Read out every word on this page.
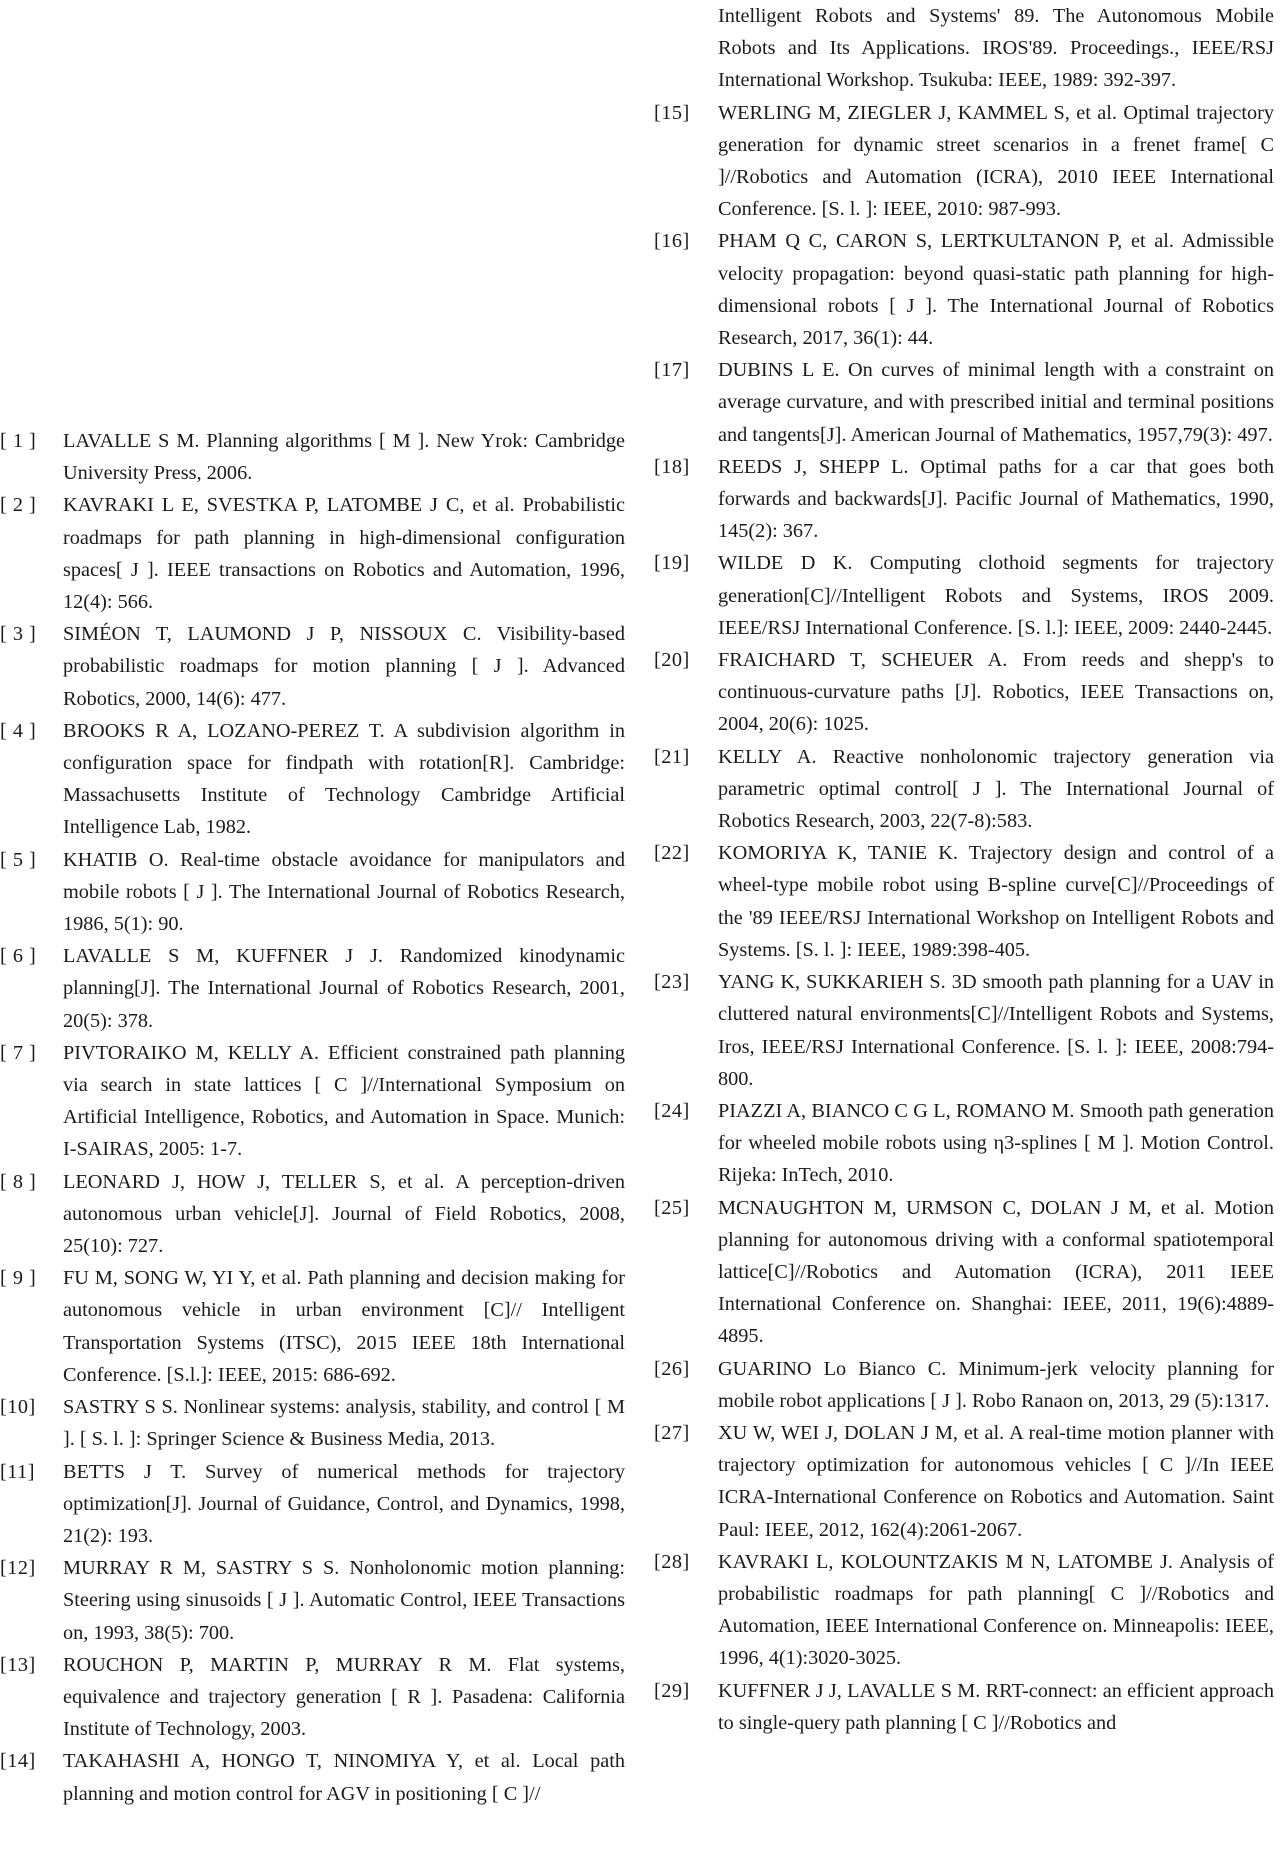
[ 1 ] LAVALLE S M. Planning algorithms [ M ]. New Yrok: Cambridge University Press, 2006.
[ 2 ] KAVRAKI L E, SVESTKA P, LATOMBE J C, et al. Probabilistic roadmaps for path planning in high-dimensional configuration spaces[ J ]. IEEE transactions on Robotics and Automation, 1996, 12(4): 566.
[ 3 ] SIMÉON T, LAUMOND J P, NISSOUX C. Visibility-based probabilistic roadmaps for motion planning [ J ]. Advanced Robotics, 2000, 14(6): 477.
[ 4 ] BROOKS R A, LOZANO-PEREZ T. A subdivision algorithm in configuration space for findpath with rotation[R]. Cambridge: Massachusetts Institute of Technology Cambridge Artificial Intelligence Lab, 1982.
[ 5 ] KHATIB O. Real-time obstacle avoidance for manipulators and mobile robots [ J ]. The International Journal of Robotics Research, 1986, 5(1): 90.
[ 6 ] LAVALLE S M, KUFFNER J J. Randomized kinodynamic planning[J]. The International Journal of Robotics Research, 2001, 20(5): 378.
[ 7 ] PIVTORAIKO M, KELLY A. Efficient constrained path planning via search in state lattices [ C ]//International Symposium on Artificial Intelligence, Robotics, and Automation in Space. Munich: I-SAIRAS, 2005: 1-7.
[ 8 ] LEONARD J, HOW J, TELLER S, et al. A perception-driven autonomous urban vehicle[J]. Journal of Field Robotics, 2008, 25(10): 727.
[ 9 ] FU M, SONG W, YI Y, et al. Path planning and decision making for autonomous vehicle in urban environment [C]// Intelligent Transportation Systems (ITSC), 2015 IEEE 18th International Conference. [S.l.]: IEEE, 2015: 686-692.
[10] SASTRY S S. Nonlinear systems: analysis, stability, and control [ M ]. [ S. l. ]: Springer Science & Business Media, 2013.
[11] BETTS J T. Survey of numerical methods for trajectory optimization[J]. Journal of Guidance, Control, and Dynamics, 1998, 21(2): 193.
[12] MURRAY R M, SASTRY S S. Nonholonomic motion planning: Steering using sinusoids [ J ]. Automatic Control, IEEE Transactions on, 1993, 38(5): 700.
[13] ROUCHON P, MARTIN P, MURRAY R M. Flat systems, equivalence and trajectory generation [ R ]. Pasadena: California Institute of Technology, 2003.
[14] TAKAHASHI A, HONGO T, NINOMIYA Y, et al. Local path planning and motion control for AGV in positioning [ C ]//
Intelligent Robots and Systems' 89. The Autonomous Mobile Robots and Its Applications. IROS'89. Proceedings., IEEE/RSJ International Workshop. Tsukuba: IEEE, 1989: 392-397.
[15] WERLING M, ZIEGLER J, KAMMEL S, et al. Optimal trajectory generation for dynamic street scenarios in a frenet frame[ C ]//Robotics and Automation (ICRA), 2010 IEEE International Conference. [S. l. ]: IEEE, 2010: 987-993.
[16] PHAM Q C, CARON S, LERTKULTANON P, et al. Admissible velocity propagation: beyond quasi-static path planning for high-dimensional robots [ J ]. The International Journal of Robotics Research, 2017, 36(1): 44.
[17] DUBINS L E. On curves of minimal length with a constraint on average curvature, and with prescribed initial and terminal positions and tangents[J]. American Journal of Mathematics, 1957,79(3): 497.
[18] REEDS J, SHEPP L. Optimal paths for a car that goes both forwards and backwards[J]. Pacific Journal of Mathematics, 1990, 145(2): 367.
[19] WILDE D K. Computing clothoid segments for trajectory generation[C]//Intelligent Robots and Systems, IROS 2009. IEEE/RSJ International Conference. [S. l.]: IEEE, 2009: 2440-2445.
[20] FRAICHARD T, SCHEUER A. From reeds and shepp's to continuous-curvature paths [J]. Robotics, IEEE Transactions on, 2004, 20(6): 1025.
[21] KELLY A. Reactive nonholonomic trajectory generation via parametric optimal control[ J ]. The International Journal of Robotics Research, 2003, 22(7-8):583.
[22] KOMORIYA K, TANIE K. Trajectory design and control of a wheel-type mobile robot using B-spline curve[C]//Proceedings of the '89 IEEE/RSJ International Workshop on Intelligent Robots and Systems. [S. l. ]: IEEE, 1989:398-405.
[23] YANG K, SUKKARIEH S. 3D smooth path planning for a UAV in cluttered natural environments[C]//Intelligent Robots and Systems, Iros, IEEE/RSJ International Conference. [S. l. ]: IEEE, 2008:794-800.
[24] PIAZZI A, BIANCO C G L, ROMANO M. Smooth path generation for wheeled mobile robots using η3-splines [ M ]. Motion Control. Rijeka: InTech, 2010.
[25] MCNAUGHTON M, URMSON C, DOLAN J M, et al. Motion planning for autonomous driving with a conformal spatiotemporal lattice[C]//Robotics and Automation (ICRA), 2011 IEEE International Conference on. Shanghai: IEEE, 2011, 19(6):4889-4895.
[26] GUARINO Lo Bianco C. Minimum-jerk velocity planning for mobile robot applications [ J ]. Robo Ranaon on, 2013, 29 (5):1317.
[27] XU W, WEI J, DOLAN J M, et al. A real-time motion planner with trajectory optimization for autonomous vehicles [ C ]//In IEEE ICRA-International Conference on Robotics and Automation. Saint Paul: IEEE, 2012, 162(4):2061-2067.
[28] KAVRAKI L, KOLOUNTZAKIS M N, LATOMBE J. Analysis of probabilistic roadmaps for path planning[ C ]//Robotics and Automation, IEEE International Conference on. Minneapolis: IEEE, 1996, 4(1):3020-3025.
[29] KUFFNER J J, LAVALLE S M. RRT-connect: an efficient approach to single-query path planning [ C ]//Robotics and
